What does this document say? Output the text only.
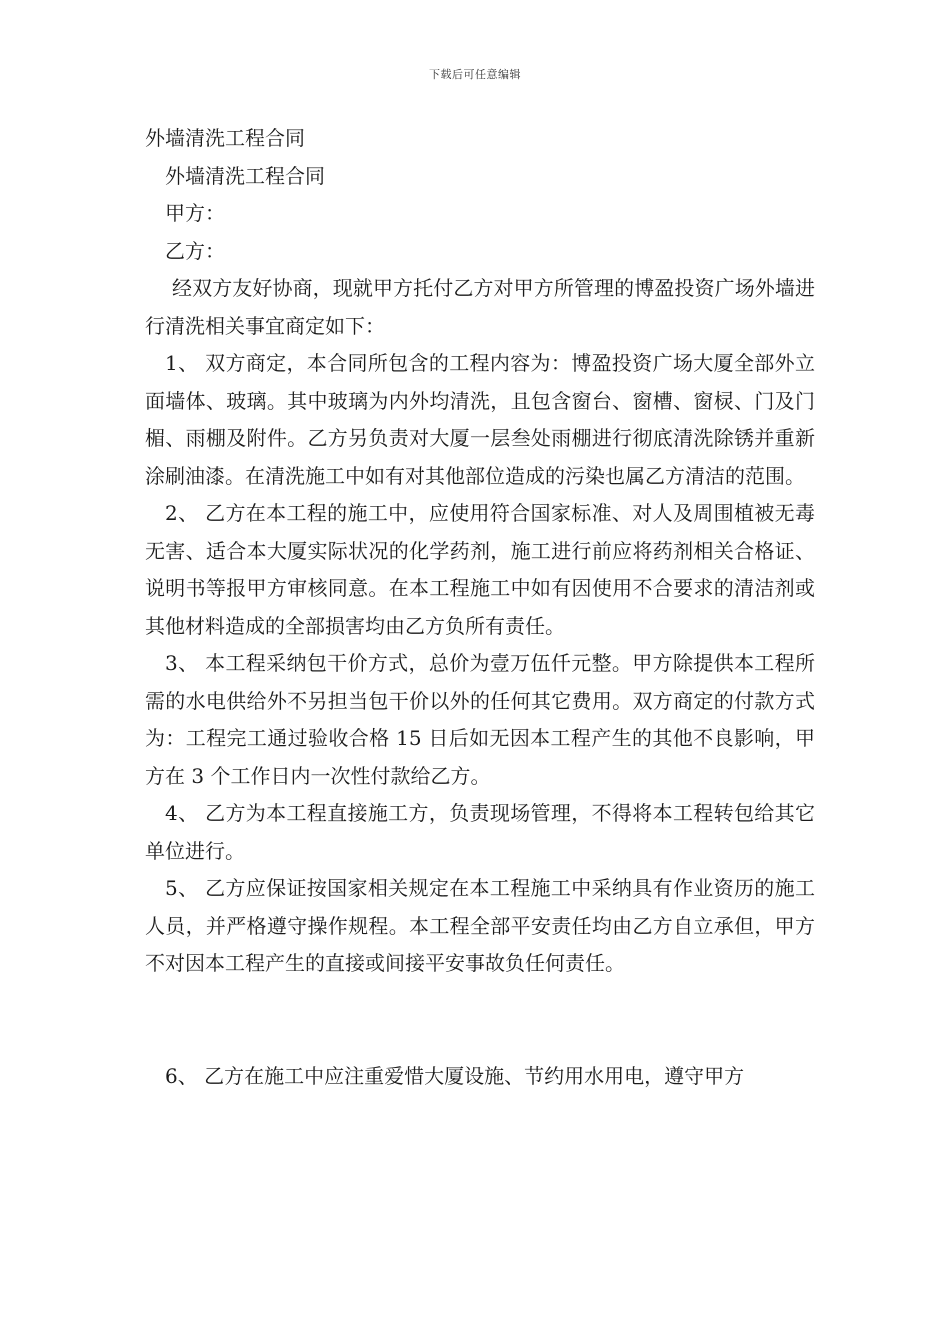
下载后可任意编辑

外墙清洗工程合同

外墙清洗工程合同

甲方：

乙方：

经双方友好协商，现就甲方托付乙方对甲方所管理的博盈投资广场外墙进行清洗相关事宜商定如下：

1、 双方商定，本合同所包含的工程内容为：博盈投资广场大厦全部外立面墙体、玻璃。其中玻璃为内外均清洗，且包含窗台、窗槽、窗棂、门及门楣、雨棚及附件。乙方另负责对大厦一层叁处雨棚进行彻底清洗除锈并重新涂刷油漆。在清洗施工中如有对其他部位造成的污染也属乙方清洁的范围。

2、 乙方在本工程的施工中，应使用符合国家标准、对人及周围植被无毒无害、适合本大厦实际状况的化学药剂，施工进行前应将药剂相关合格证、说明书等报甲方审核同意。在本工程施工中如有因使用不合要求的清洁剂或其他材料造成的全部损害均由乙方负所有责任。

3、 本工程采纳包干价方式，总价为壹万伍仟元整。甲方除提供本工程所需的水电供给外不另担当包干价以外的任何其它费用。双方商定的付款方式为：工程完工通过验收合格 15 日后如无因本工程产生的其他不良影响，甲方在 3 个工作日内一次性付款给乙方。

4、 乙方为本工程直接施工方，负责现场管理，不得将本工程转包给其它单位进行。

5、 乙方应保证按国家相关规定在本工程施工中采纳具有作业资历的施工人员，并严格遵守操作规程。本工程全部平安责任均由乙方自立承但，甲方不对因本工程产生的直接或间接平安事故负任何责任。

6、 乙方在施工中应注重爱惜大厦设施、节约用水用电，遵守甲方
